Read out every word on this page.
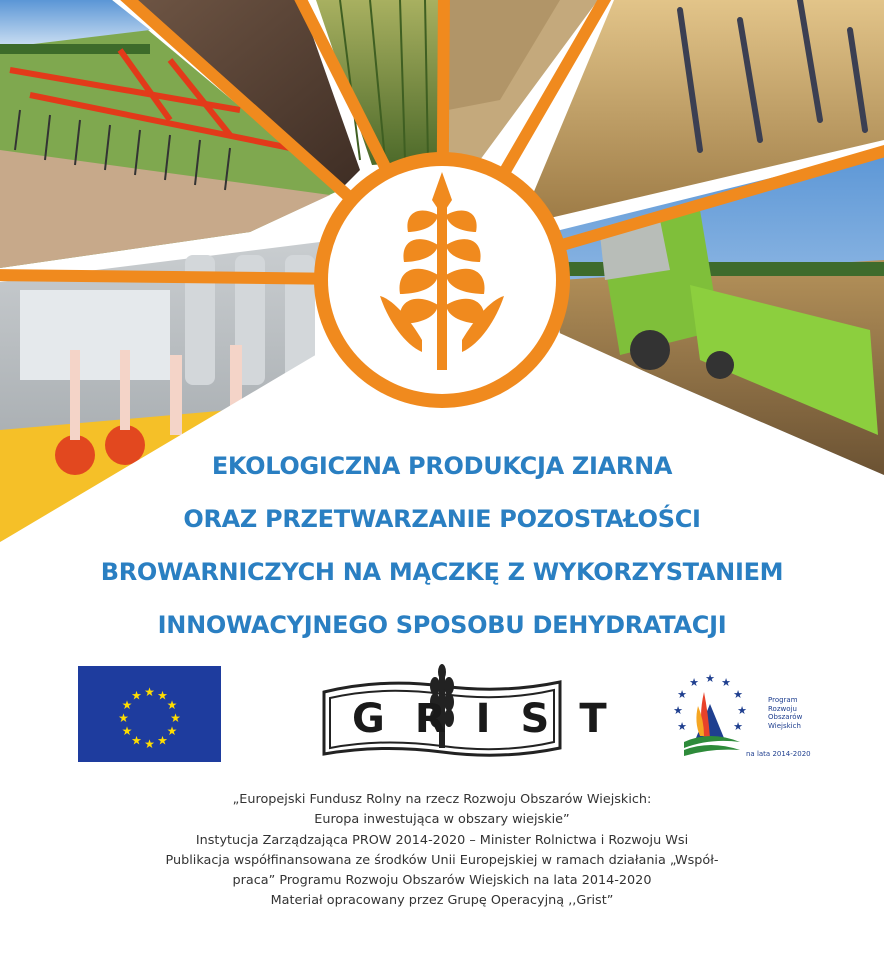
EKOLOGICZNA PRODUKCJA ZIARNA
ORAZ PRZETWARZANIE POZOSTAŁOŚCI
BROWARNICZYCH NA MĄCZKĘ Z WYKORZYSTANIEM
INNOWACYJNEGO SPOSOBU DEHYDRATACJI
★ ★
★
★
★
★
★
★
★
★
★
★
GRIST
★ ★
★
★
★
★
★
★	★
Program
Rozwoju
Obszarów
Wiejskich
na lata 2014-2020
„Europejski Fundusz Rolny na rzecz Rozwoju Obszarów Wiejskich:
Europa inwestująca w obszary wiejskie”
Instytucja Zarządzająca PROW 2014-2020 – Minister Rolnictwa i Rozwoju Wsi
Publikacja współfinansowana ze środków Unii Europejskiej w ramach działania „Współ-
praca” Programu Rozwoju Obszarów Wiejskich na lata 2014-2020
Materiał opracowany przez Grupę Operacyjną ,,Grist”
